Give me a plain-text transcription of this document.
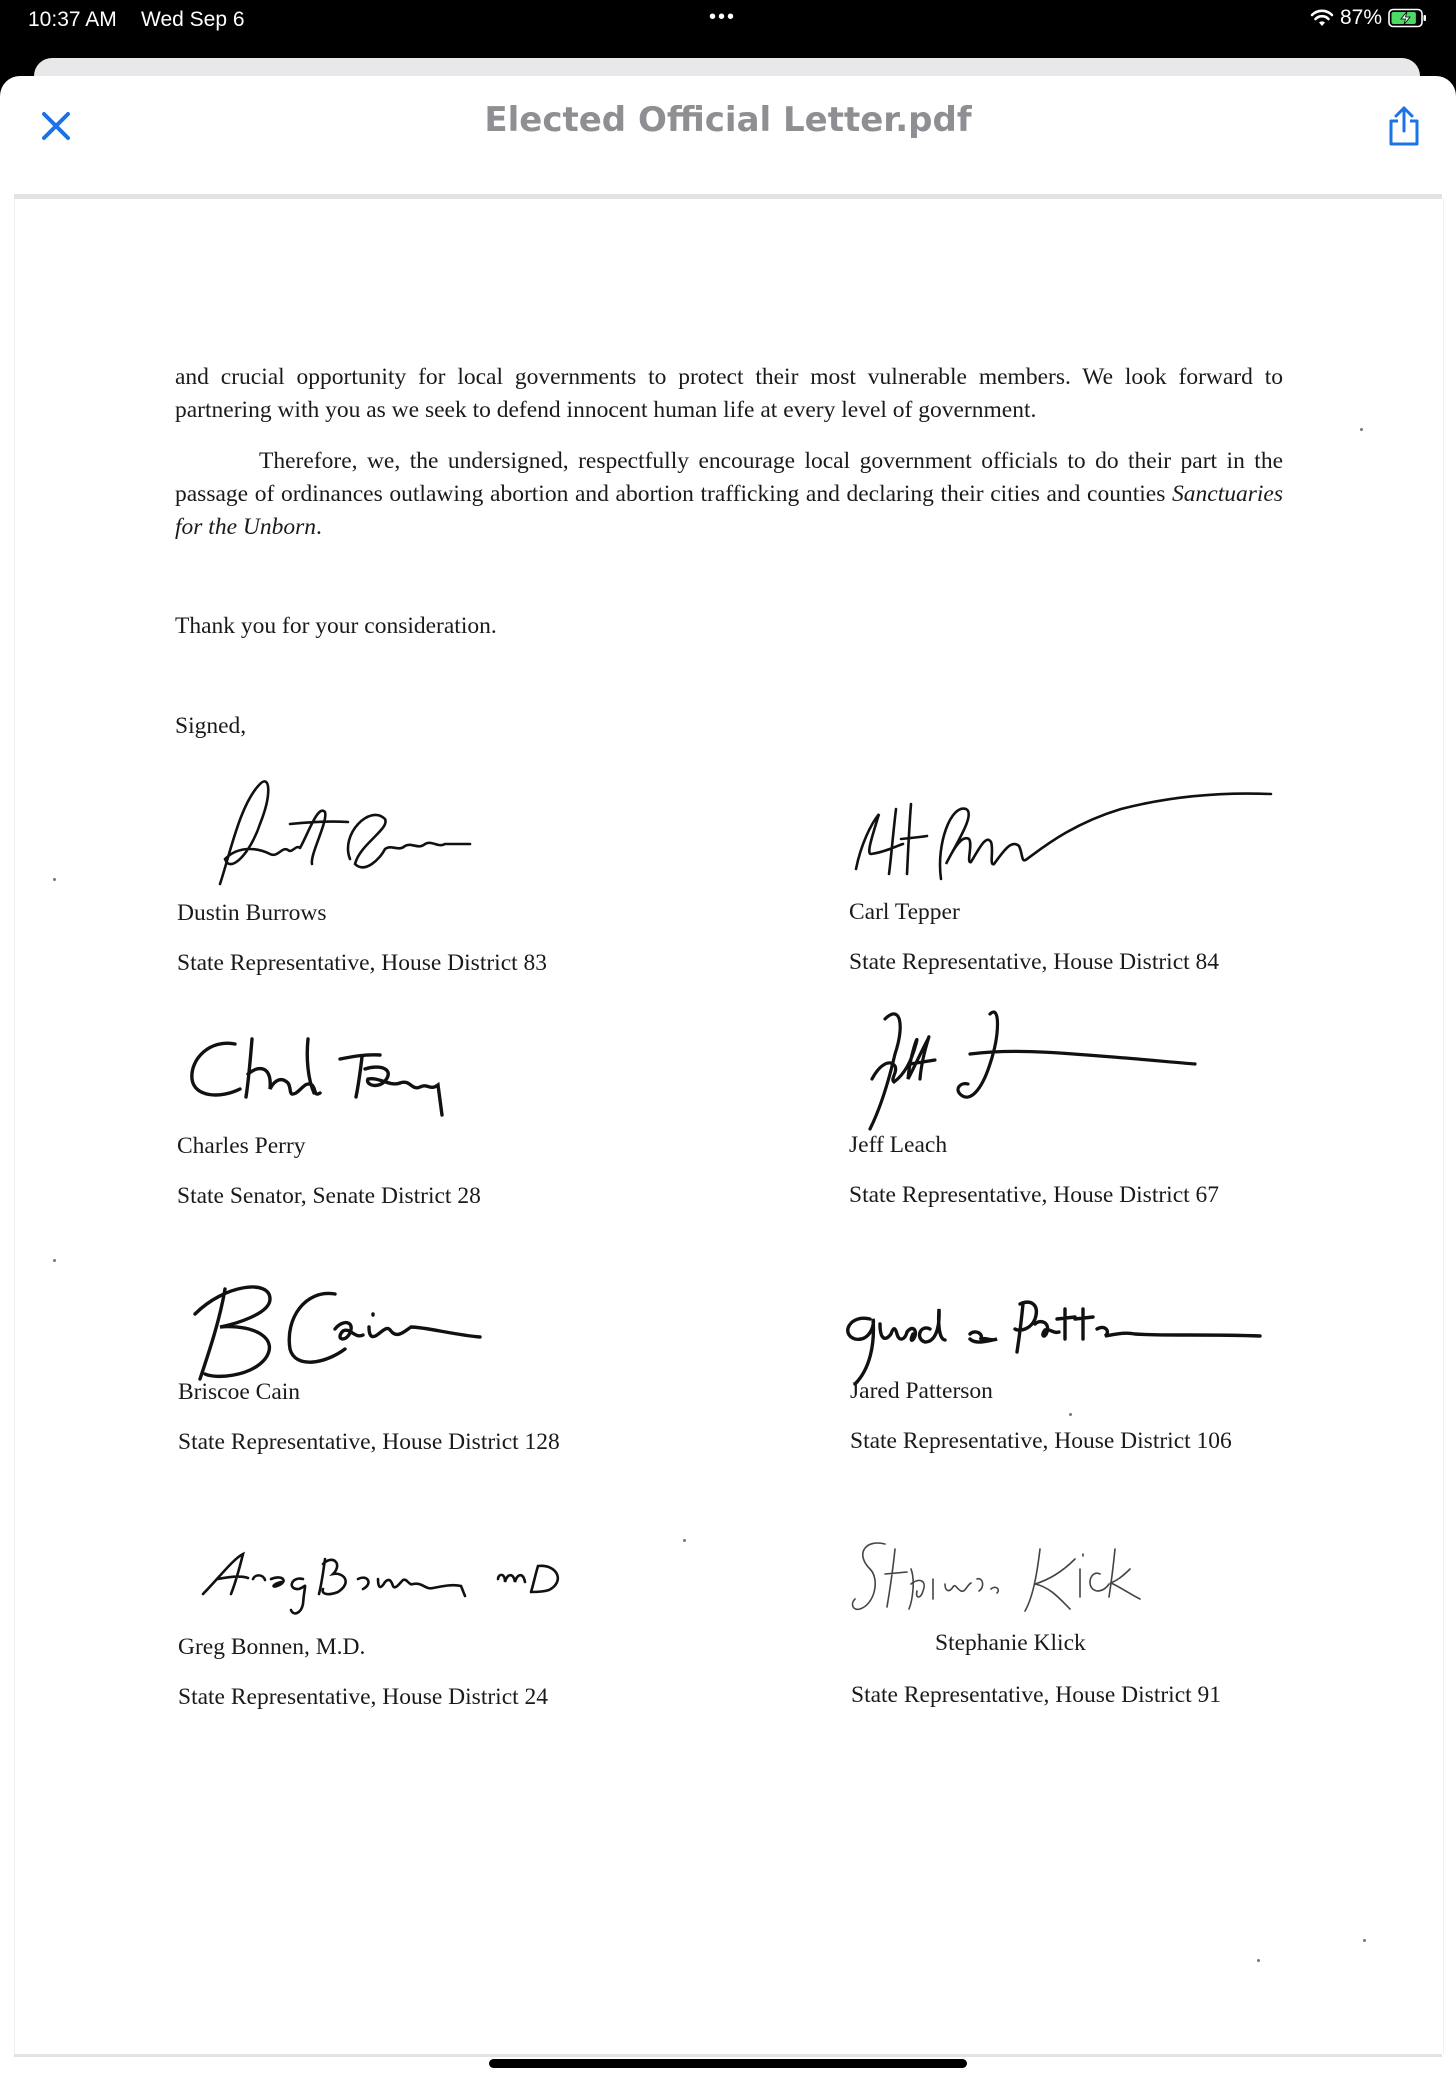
10:37 AM Wed Sep 6	•••	87%
Elected Official Letter.pdf
and crucial opportunity for local governments to protect their most vulnerable members. We look forward to partnering with you as we seek to defend innocent human life at every level of government.
Therefore, we, the undersigned, respectfully encourage local government officials to do their part in the passage of ordinances outlawing abortion and abortion trafficking and declaring their cities and counties Sanctuaries for the Unborn.
Thank you for your consideration.
Signed,
Dustin Burrows
State Representative, House District 83
Carl Tepper
State Representative, House District 84
Charles Perry
State Senator, Senate District 28
Jeff Leach
State Representative, House District 67
Briscoe Cain
State Representative, House District 128
Jared Patterson
State Representative, House District 106
Greg Bonnen, M.D.
State Representative, House District 24
Stephanie Klick
State Representative, House District 91
